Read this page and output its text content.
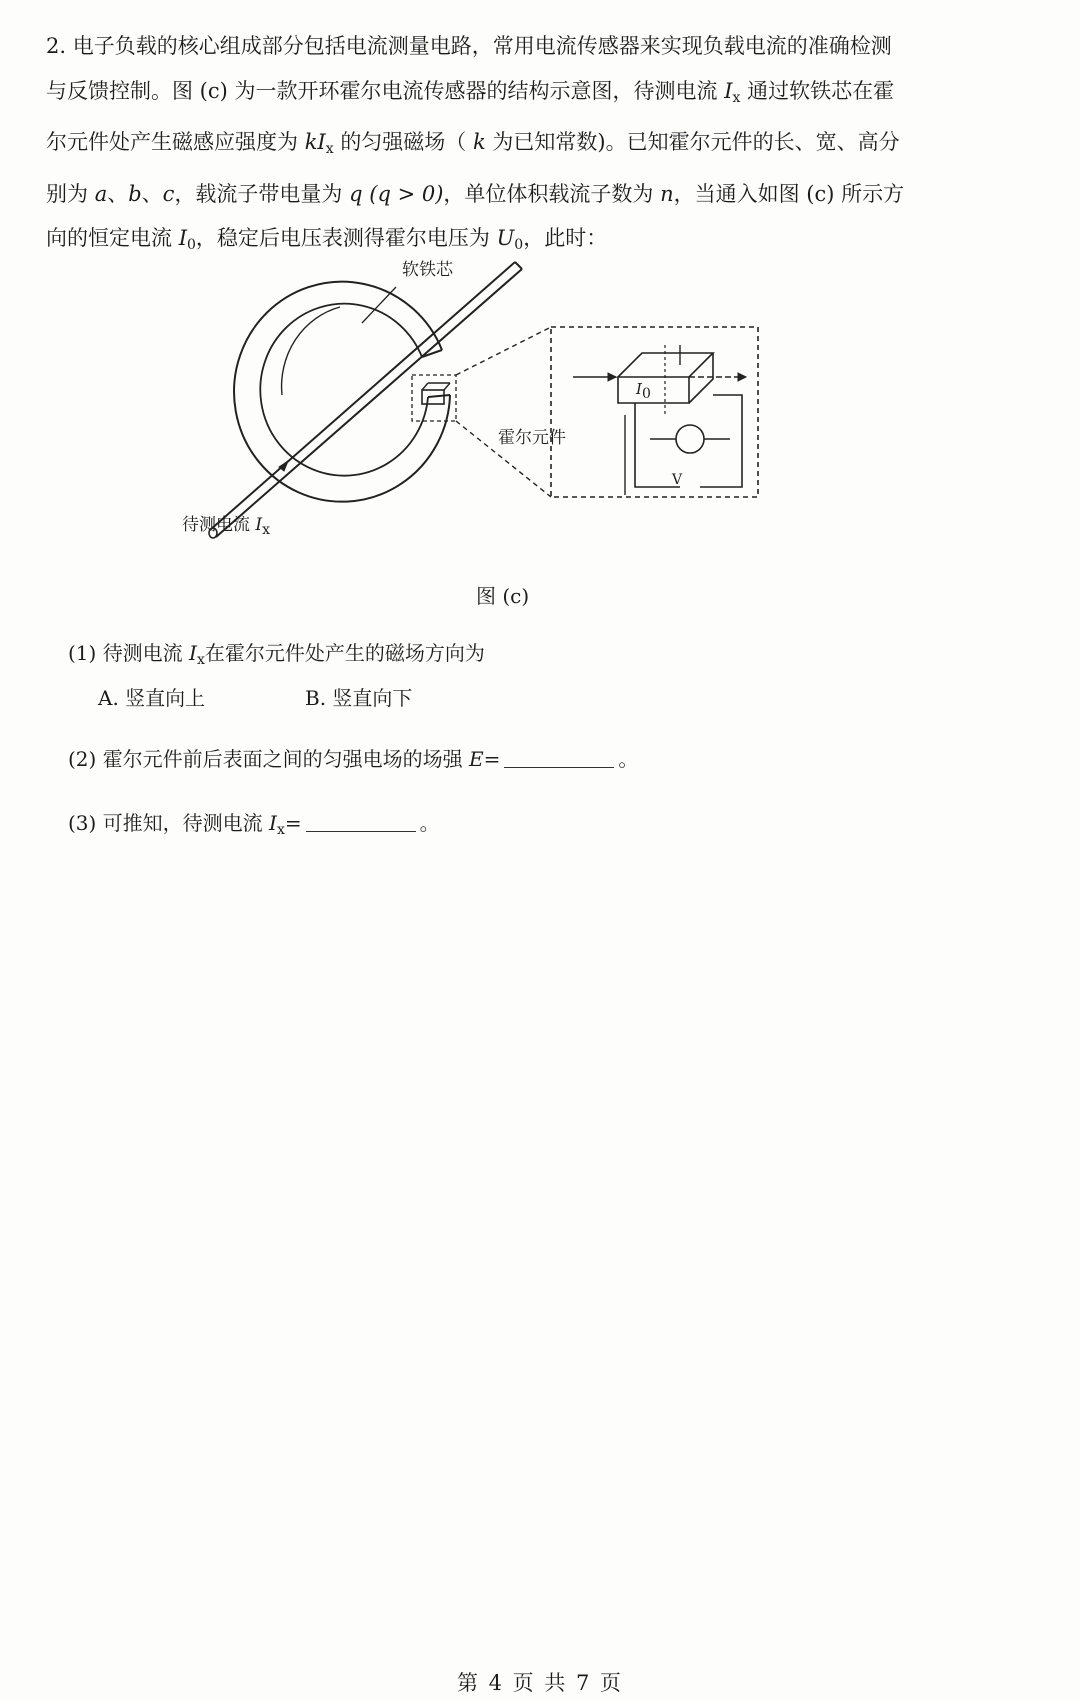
2. 电子负载的核心组成部分包括电流测量电路，常用电流传感器来实现负载电流的准确检测
与反馈控制。图 (c) 为一款开环霍尔电流传感器的结构示意图，待测电流 $I_x$ 通过软铁芯在霍
尔元件处产生磁感应强度为 $kI_x$ 的匀强磁场（ k 为已知常数)。已知霍尔元件的长、宽、高分
别为 a、b、c，载流子带电量为 q (q > 0)，单位体积载流子数为 n，当通入如图 (c) 所示方
向的恒定电流 $I_0$，稳定后电压表测得霍尔电压为 $U_0$，此时：
软铁芯
霍尔元件
待测电流 $I_x$
I0
V
图 (c)
(1) 待测电流 $I_x$在霍尔元件处产生的磁场方向为
A. 竖直向上	B. 竖直向下
(2) 霍尔元件前后表面之间的匀强电场的场强 E=	。
(3) 可推知，待测电流 $I_x=$	。
第 4 页 共 7 页
